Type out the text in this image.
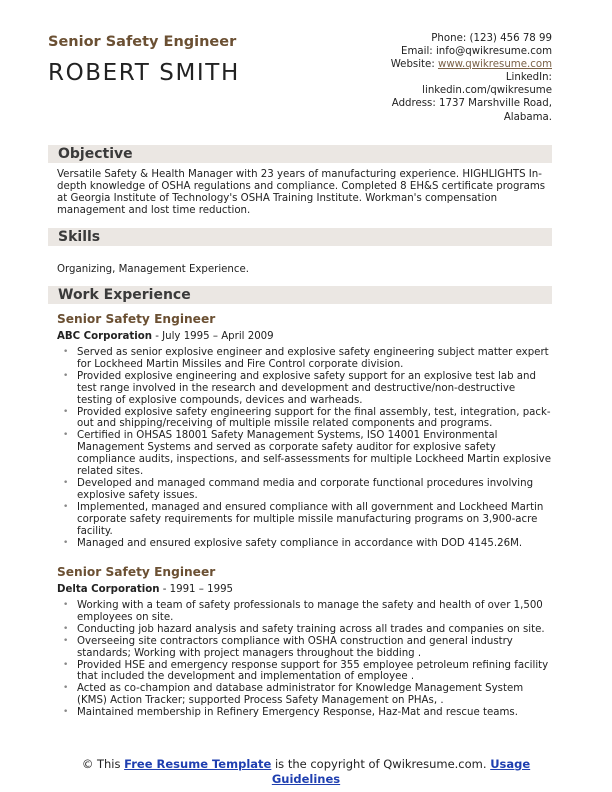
Senior Safety Engineer
ROBERT SMITH
Phone: (123) 456 78 99
Email: info@qwikresume.com
Website: www.qwikresume.com
LinkedIn:
linkedin.com/qwikresume
Address: 1737 Marshville Road,
Alabama.
Objective
Versatile Safety & Health Manager with 23 years of manufacturing experience. HIGHLIGHTS In-depth knowledge of OSHA regulations and compliance. Completed 8 EH&S certificate programs at Georgia Institute of Technology's OSHA Training Institute. Workman's compensation management and lost time reduction.
Skills
Organizing, Management Experience.
Work Experience
Senior Safety Engineer
ABC Corporation - July 1995 – April 2009
• Served as senior explosive engineer and explosive safety engineering subject matter expert for Lockheed Martin Missiles and Fire Control corporate division.
• Provided explosive engineering and explosive safety support for an explosive test lab and test range involved in the research and development and destructive/non-destructive testing of explosive compounds, devices and warheads.
• Provided explosive safety engineering support for the final assembly, test, integration, pack-out and shipping/receiving of multiple missile related components and programs.
• Certified in OHSAS 18001 Safety Management Systems, ISO 14001 Environmental Management Systems and served as corporate safety auditor for explosive safety compliance audits, inspections, and self-assessments for multiple Lockheed Martin explosive related sites.
• Developed and managed command media and corporate functional procedures involving explosive safety issues.
• Implemented, managed and ensured compliance with all government and Lockheed Martin corporate safety requirements for multiple missile manufacturing programs on 3,900-acre facility.
• Managed and ensured explosive safety compliance in accordance with DOD 4145.26M.
Senior Safety Engineer
Delta Corporation - 1991 – 1995
• Working with a team of safety professionals to manage the safety and health of over 1,500 employees on site.
• Conducting job hazard analysis and safety training across all trades and companies on site.
• Overseeing site contractors compliance with OSHA construction and general industry standards; Working with project managers throughout the bidding .
• Provided HSE and emergency response support for 355 employee petroleum refining facility that included the development and implementation of employee .
• Acted as co-champion and database administrator for Knowledge Management System (KMS) Action Tracker; supported Process Safety Management on PHAs, .
• Maintained membership in Refinery Emergency Response, Haz-Mat and rescue teams.
© This Free Resume Template is the copyright of Qwikresume.com. Usage Guidelines
